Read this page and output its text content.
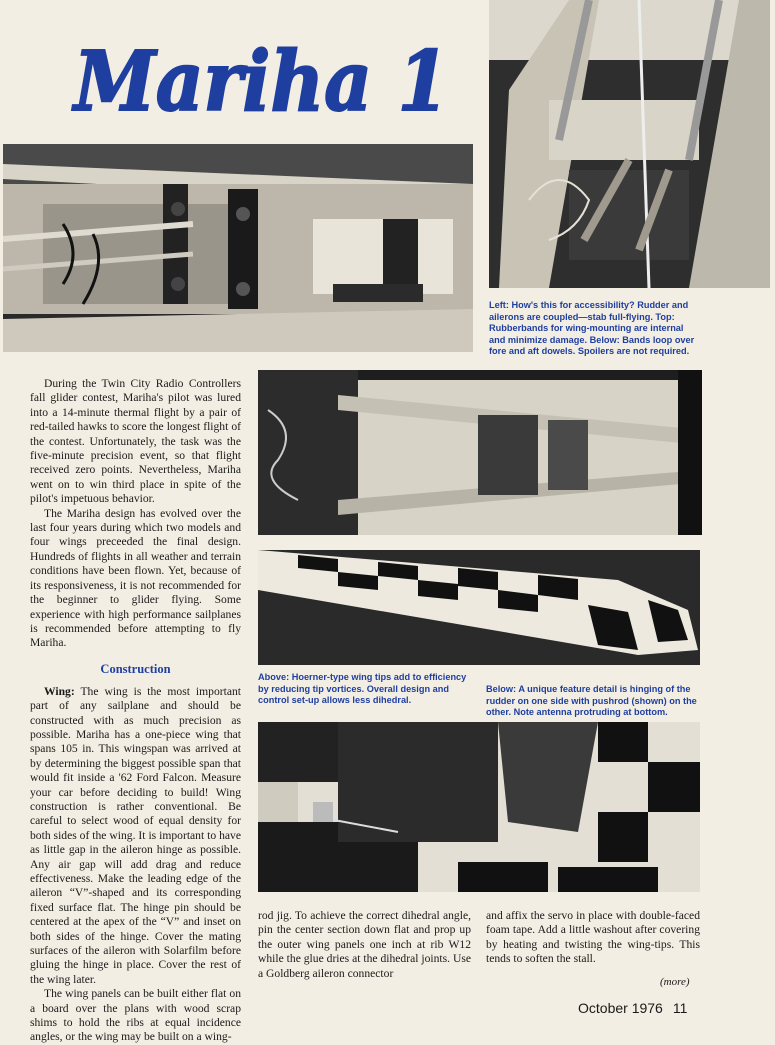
Mariha 1

Left: How's this for accessibility? Rudder and ailerons are coupled—stab full-flying. Top: Rubberbands for wing-mounting are internal and minimize damage. Below: Bands loop over fore and aft dowels. Spoilers are not required.

Above: Hoerner-type wing tips add to efficiency by reducing tip vortices. Overall design and control set-up allows less dihedral.

Below: A unique feature detail is hinging of the rudder on one side with pushrod (shown) on the other. Note antenna protruding at bottom.

During the Twin City Radio Controllers fall glider contest, Mariha's pilot was lured into a 14-minute thermal flight by a pair of red-tailed hawks to score the longest flight of the contest. Unfortunately, the task was the five-minute precision event, so that flight received zero points. Nevertheless, Mariha went on to win third place in spite of the pilot's impetuous behavior.

The Mariha design has evolved over the last four years during which two models and four wings preceeded the final design. Hundreds of flights in all weather and terrain conditions have been flown. Yet, because of its responsiveness, it is not recommended for the beginner to glider flying. Some experience with high performance sailplanes is recommended before attempting to fly Mariha.

Construction

Wing: The wing is the most important part of any sailplane and should be constructed with as much precision as possible. Mariha has a one-piece wing that spans 105 in. This wingspan was arrived at by determining the biggest possible span that would fit inside a '62 Ford Falcon. Measure your car before deciding to build! Wing construction is rather conventional. Be careful to select wood of equal density for both sides of the wing. It is important to have as little gap in the aileron hinge as possible. Any air gap will add drag and reduce effectiveness. Make the leading edge of the aileron “V”-shaped and its corresponding fixed surface flat. The hinge pin should be centered at the apex of the “V” and inset on both sides of the hinge. Cover the mating surfaces of the aileron with Solarfilm before gluing the hinge in place. Cover the rest of the wing later.

The wing panels can be built either flat on a board over the plans with wood scrap shims to hold the ribs at equal incidence angles, or the wing may be built on a wing-

rod jig. To achieve the correct dihedral angle, pin the center section down flat and prop up the outer wing panels one inch at rib W12 while the glue dries at the dihedral joints. Use a Goldberg aileron connector

and affix the servo in place with double-faced foam tape. Add a little washout after covering by heating and twisting the wing-tips. This tends to soften the stall.

(more)

October 1976 11
